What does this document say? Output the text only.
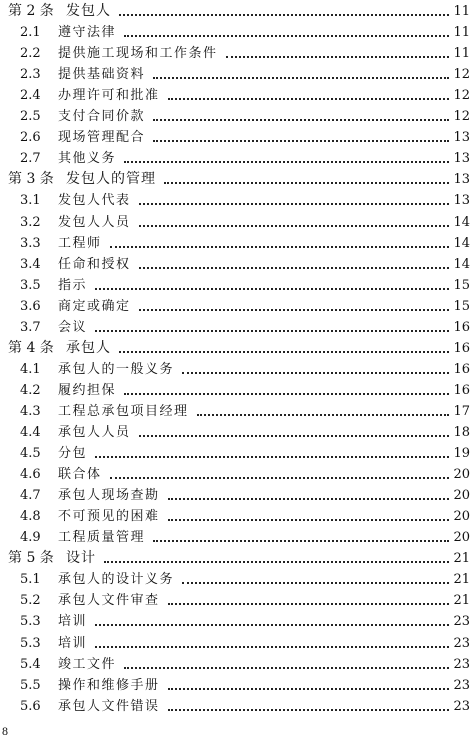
第 2 条 发包人	11
2.1 遵守法律	11
2.2 提供施工现场和工作条件	11
2.3 提供基础资料	12
2.4 办理许可和批准	12
2.5 支付合同价款	12
2.6 现场管理配合	13
2.7 其他义务	13
第 3 条 发包人的管理	13
3.1 发包人代表	13
3.2 发包人人员	14
3.3 工程师	14
3.4 任命和授权	14
3.5 指示	15
3.6 商定或确定	15
3.7 会议	16
第 4 条 承包人	16
4.1 承包人的一般义务	16
4.2 履约担保	16
4.3 工程总承包项目经理	17
4.4 承包人人员	18
4.5 分包	19
4.6 联合体	20
4.7 承包人现场查勘	20
4.8 不可预见的困难	20
4.9 工程质量管理	20
第 5 条 设计	21
5.1 承包人的设计义务	21
5.2 承包人文件审查	21
5.3 培训	23
5.3 培训	23
5.4 竣工文件	23
5.5 操作和维修手册	23
5.6 承包人文件错误	23
8
